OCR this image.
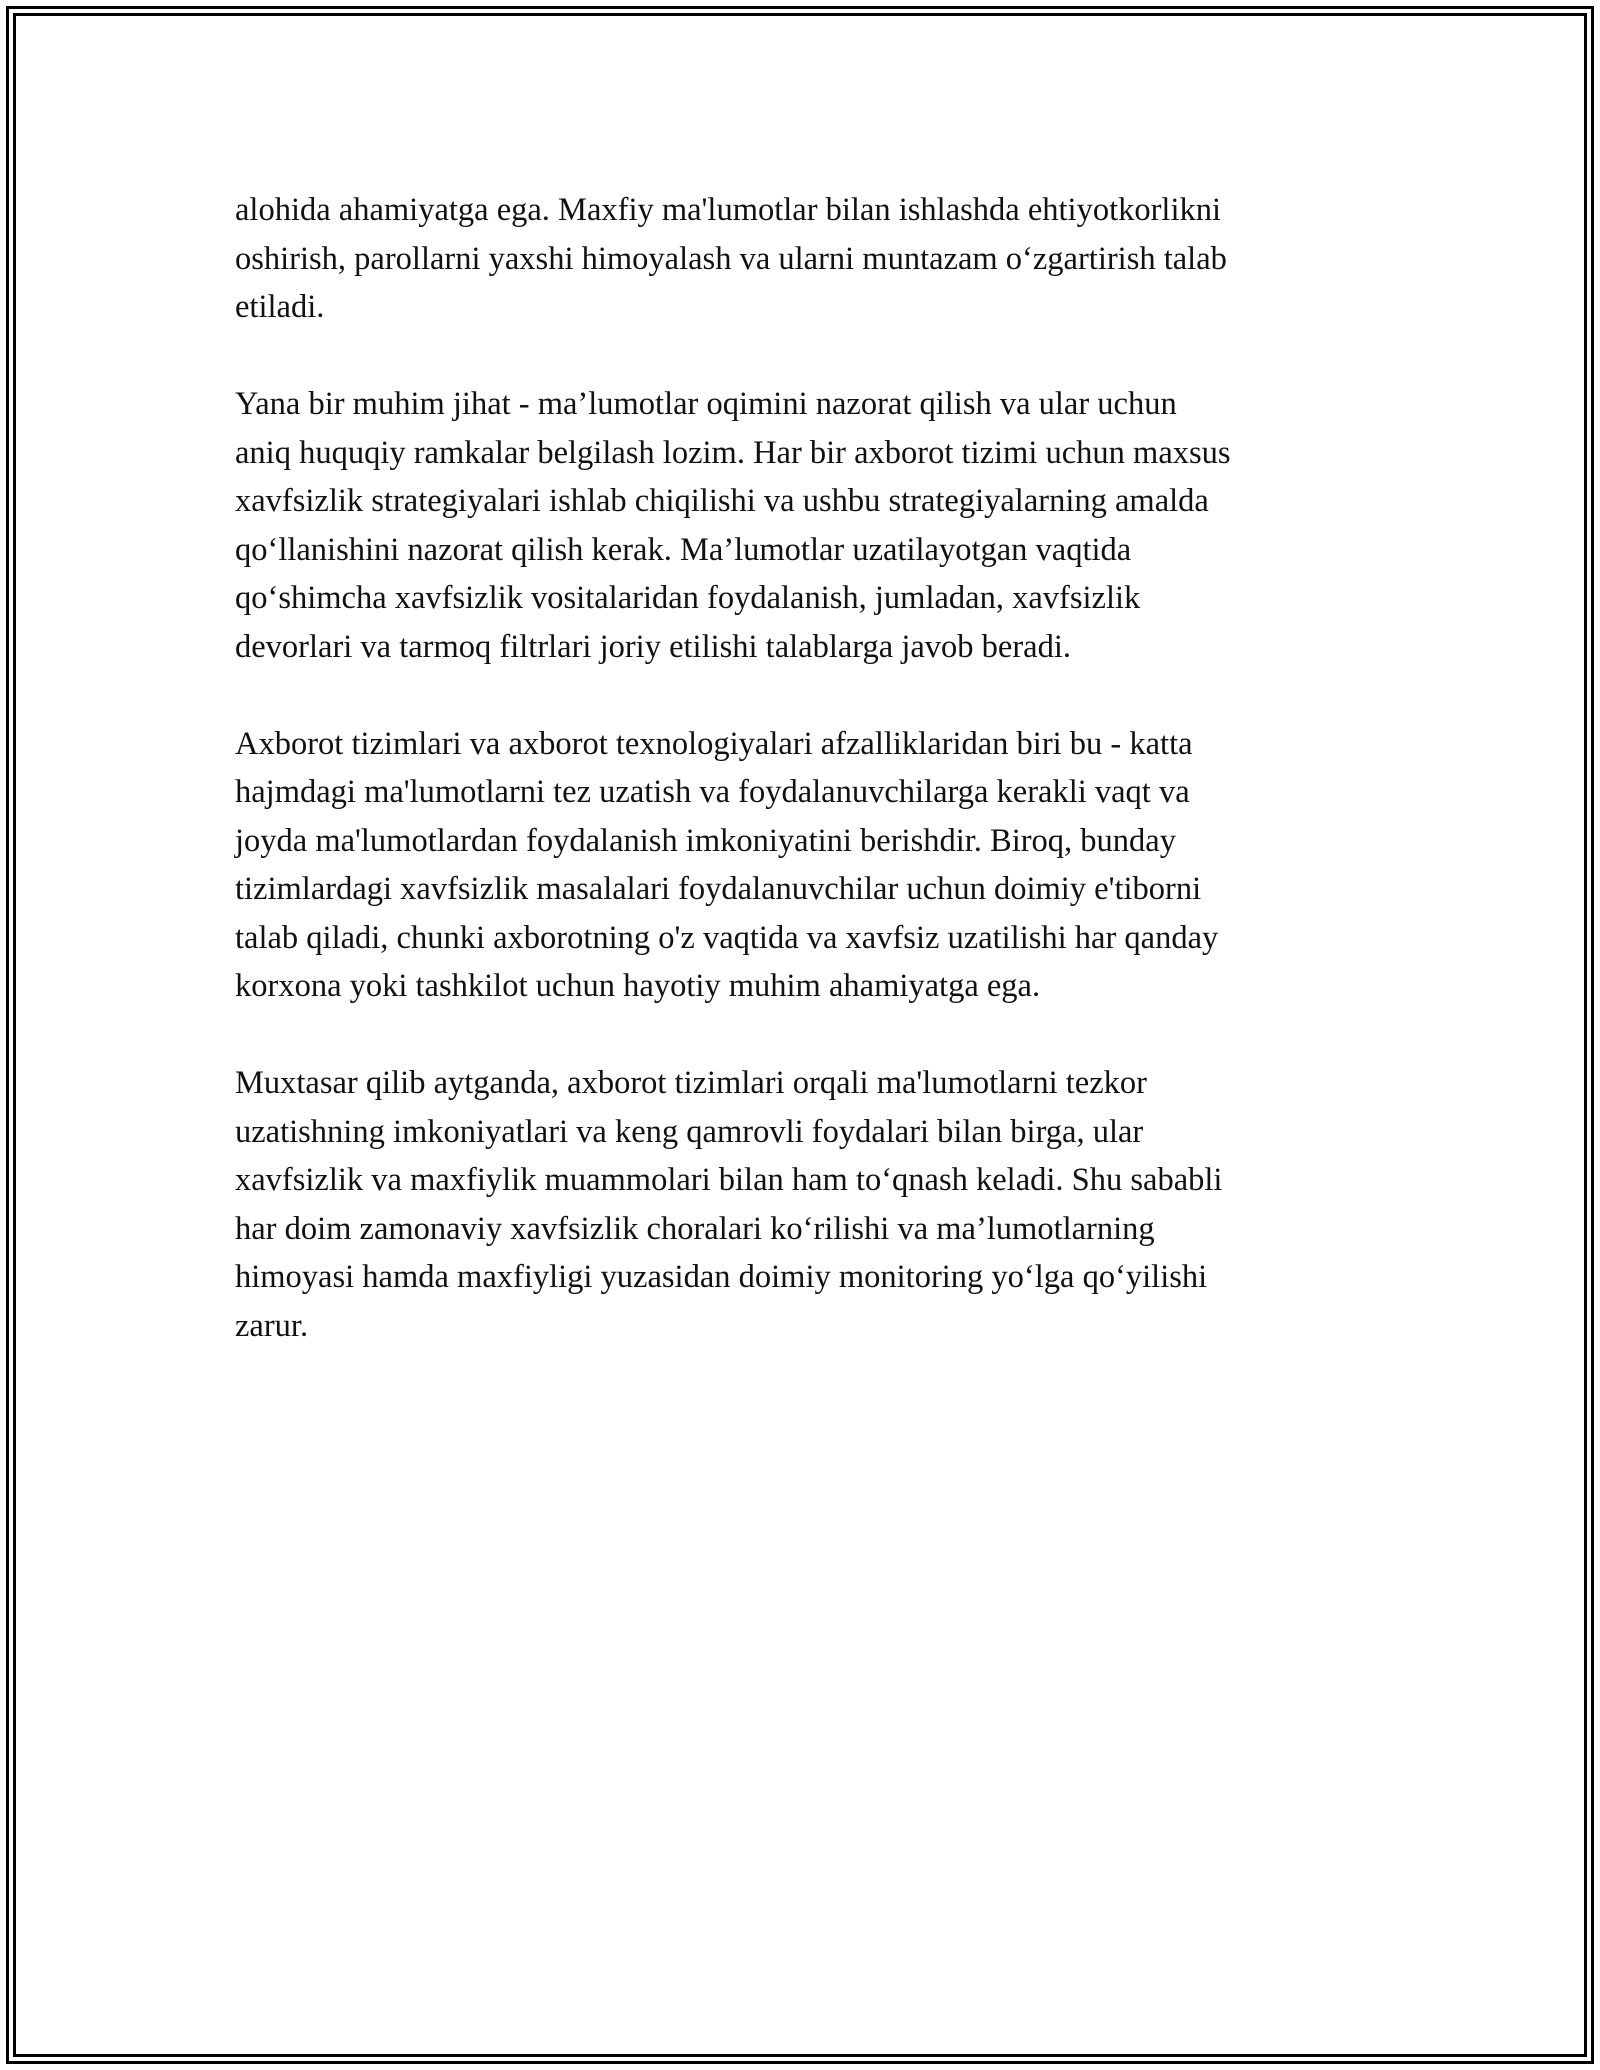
alohida ahamiyatga ega. Maxfiy ma'lumotlar bilan ishlashda ehtiyotkorlikni
oshirish, parollarni yaxshi himoyalash va ularni muntazam o‘zgartirish talab
etiladi.

Yana bir muhim jihat - ma’lumotlar oqimini nazorat qilish va ular uchun
aniq huquqiy ramkalar belgilash lozim. Har bir axborot tizimi uchun maxsus
xavfsizlik strategiyalari ishlab chiqilishi va ushbu strategiyalarning amalda
qo‘llanishini nazorat qilish kerak. Ma’lumotlar uzatilayotgan vaqtida
qo‘shimcha xavfsizlik vositalaridan foydalanish, jumladan, xavfsizlik
devorlari va tarmoq filtrlari joriy etilishi talablarga javob beradi.

Axborot tizimlari va axborot texnologiyalari afzalliklaridan biri bu - katta
hajmdagi ma'lumotlarni tez uzatish va foydalanuvchilarga kerakli vaqt va
joyda ma'lumotlardan foydalanish imkoniyatini berishdir. Biroq, bunday
tizimlardagi xavfsizlik masalalari foydalanuvchilar uchun doimiy e'tiborni
talab qiladi, chunki axborotning o'z vaqtida va xavfsiz uzatilishi har qanday
korxona yoki tashkilot uchun hayotiy muhim ahamiyatga ega.

Muxtasar qilib aytganda, axborot tizimlari orqali ma'lumotlarni tezkor
uzatishning imkoniyatlari va keng qamrovli foydalari bilan birga, ular
xavfsizlik va maxfiylik muammolari bilan ham to‘qnash keladi. Shu sababli
har doim zamonaviy xavfsizlik choralari ko‘rilishi va ma’lumotlarning
himoyasi hamda maxfiyligi yuzasidan doimiy monitoring yo‘lga qo‘yilishi
zarur.
